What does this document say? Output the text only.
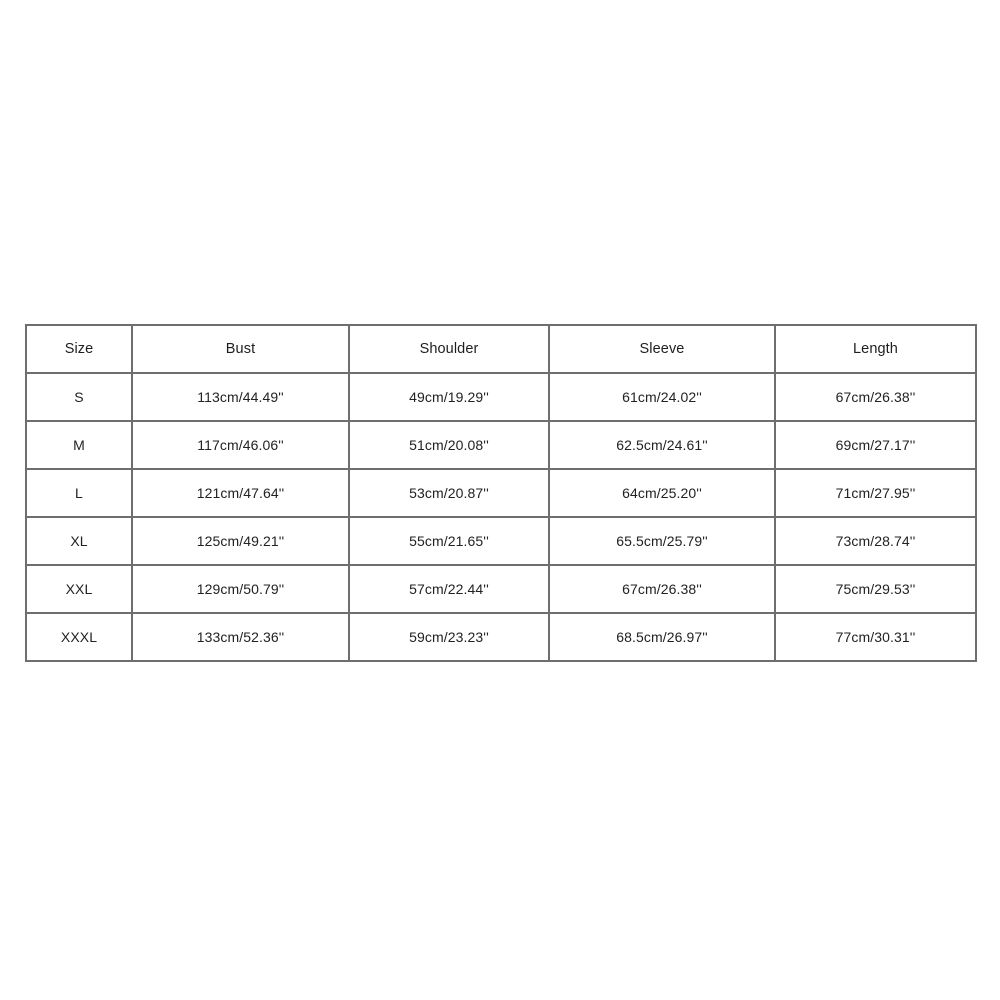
Size	Bust	Shoulder	Sleeve	Length
S	113cm/44.49''	49cm/19.29''	61cm/24.02''	67cm/26.38''
M	117cm/46.06''	51cm/20.08''	62.5cm/24.61''	69cm/27.17''
L	121cm/47.64''	53cm/20.87''	64cm/25.20''	71cm/27.95''
XL	125cm/49.21''	55cm/21.65''	65.5cm/25.79''	73cm/28.74''
XXL	129cm/50.79''	57cm/22.44''	67cm/26.38''	75cm/29.53''
XXXL	133cm/52.36''	59cm/23.23''	68.5cm/26.97''	77cm/30.31''
